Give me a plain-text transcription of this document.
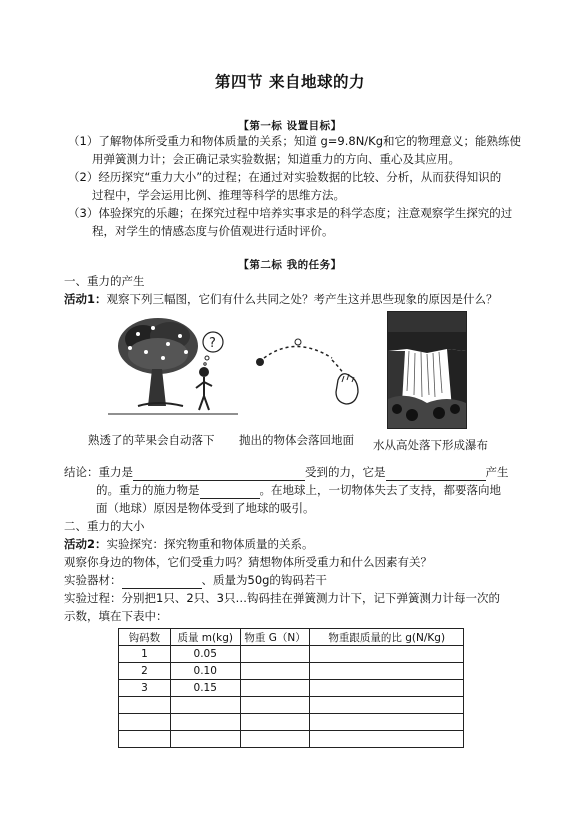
第四节 来自地球的力
【第一标 设置目标】
（1）了解物体所受重力和物体质量的关系；知道 g=9.8N/Kg和它的物理意义；能熟练使
用弹簧测力计；会正确记录实验数据；知道重力的方向、重心及其应用。
（2）经历探究“重力大小”的过程；在通过对实验数据的比较、分析，从而获得知识的
过程中，学会运用比例、推理等科学的思维方法。
（3）体验探究的乐趣；在探究过程中培养实事求是的科学态度；注意观察学生探究的过
程，对学生的情感态度与价值观进行适时评价。
【第二标 我的任务】
一、重力的产生
活动1：观察下列三幅图，它们有什么共同之处？考产生这并思些现象的原因是什么？
?
熟透了的苹果会自动落下 抛出的物体会落回地面 水从高处落下形成瀑布
结论：重力是	受到的力，它是	产生
的。重力的施力物是	。在地球上，一切物体失去了支持，都要落向地
面（地球）原因是物体受到了地球的吸引。
二、重力的大小
活动2：实验探究：探究物重和物体质量的关系。
观察你身边的物体，它们受重力吗？猜想物体所受重力和什么因素有关？
实验器材：	、质量为50g的钩码若干
实验过程：分别把1只、2只、3只…钩码挂在弹簧测力计下，记下弹簧测力计每一次的
示数，填在下表中：
钩码数	质量 m(kg)	物重 G（N）	物重跟质量的比 g(N/Kg)
1	0.05		
2	0.10		
3	0.15		
